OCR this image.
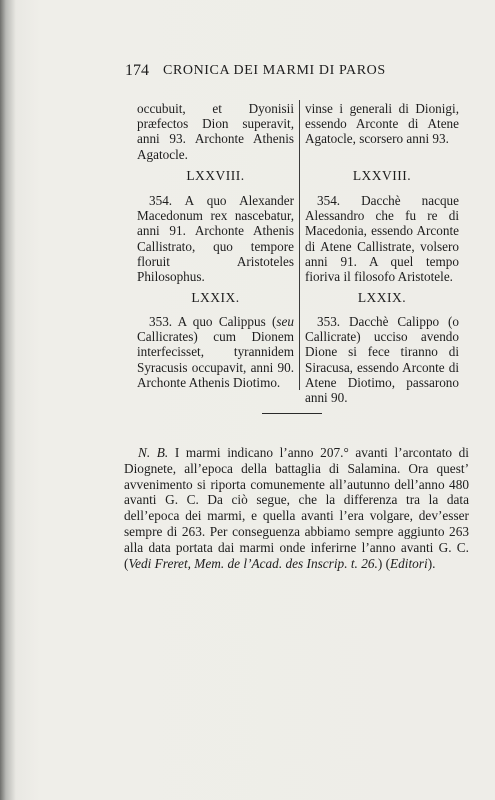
174 CRONICA DEI MARMI DI PAROS

occubuit, et Dyonisii præfectos Dion superavit, anni 93. Archonte Athenis Agatocle.

LXXVIII.

354. A quo Alexander Macedonum rex nascebatur, anni 91. Archonte Athenis Callistrato, quo tempore floruit Aristoteles Philosophus.

LXXIX.

353. A quo Calippus (seu Callicrates) cum Dionem interfecisset, tyrannidem Syracusis occupavit, anni 90. Archonte Athenis Diotimo.

vinse i generali di Dionigi, essendo Arconte di Atene Agatocle, scorsero anni 93.

LXXVIII.

354. Dacchè nacque Alessandro che fu re di Macedonia, essendo Arconte di Atene Callistrate, volsero anni 91. A quel tempo fioriva il filosofo Aristotele.

LXXIX.

353. Dacchè Calippo (o Callicrate) ucciso avendo Dione si fece tiranno di Siracusa, essendo Arconte di Atene Diotimo, passarono anni 90.

N. B. I marmi indicano l’anno 207.° avanti l’arcontato di Diognete, all’epoca della battaglia di Salamina. Ora quest’ avvenimento si riporta comunemente all’autunno dell’anno 480 avanti G. C. Da ciò segue, che la differenza tra la data dell’epoca dei marmi, e quella avanti l’era volgare, dev’esser sempre di 263. Per conseguenza abbiamo sempre aggiunto 263 alla data portata dai marmi onde inferirne l’anno avanti G. C. (Vedi Freret, Mem. de l’Acad. des Inscrip. t. 26.) (Editori).
